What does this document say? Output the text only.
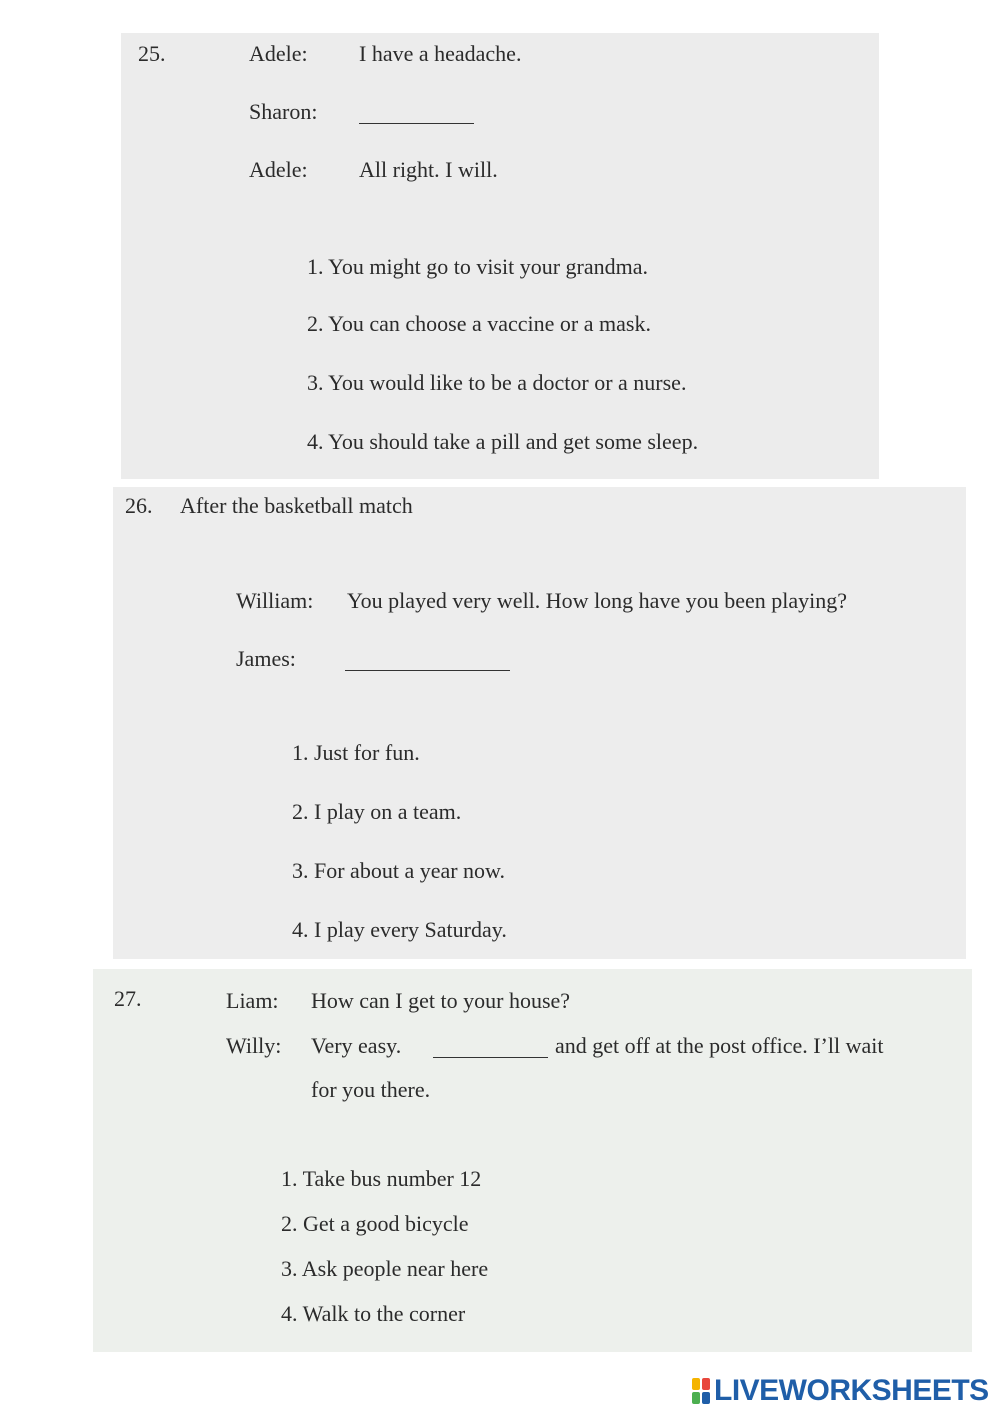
25.	Adele: I have a headache.
Sharon:
Adele: All right. I will.
1. You might go to visit your grandma.
2. You can choose a vaccine or a mask.
3. You would like to be a doctor or a nurse.
4. You should take a pill and get some sleep.
26. After the basketball match
William: You played very well. How long have you been playing?
James:
1. Just for fun.
2. I play on a team.
3. For about a year now.
4. I play every Saturday.
27.	Liam: How can I get to your house?
Willy: Very easy.	and get off at the post office. I’ll wait
for you there.
1. Take bus number 12
2. Get a good bicycle
3. Ask people near here
4. Walk to the corner
LIVEWORKSHEETS
